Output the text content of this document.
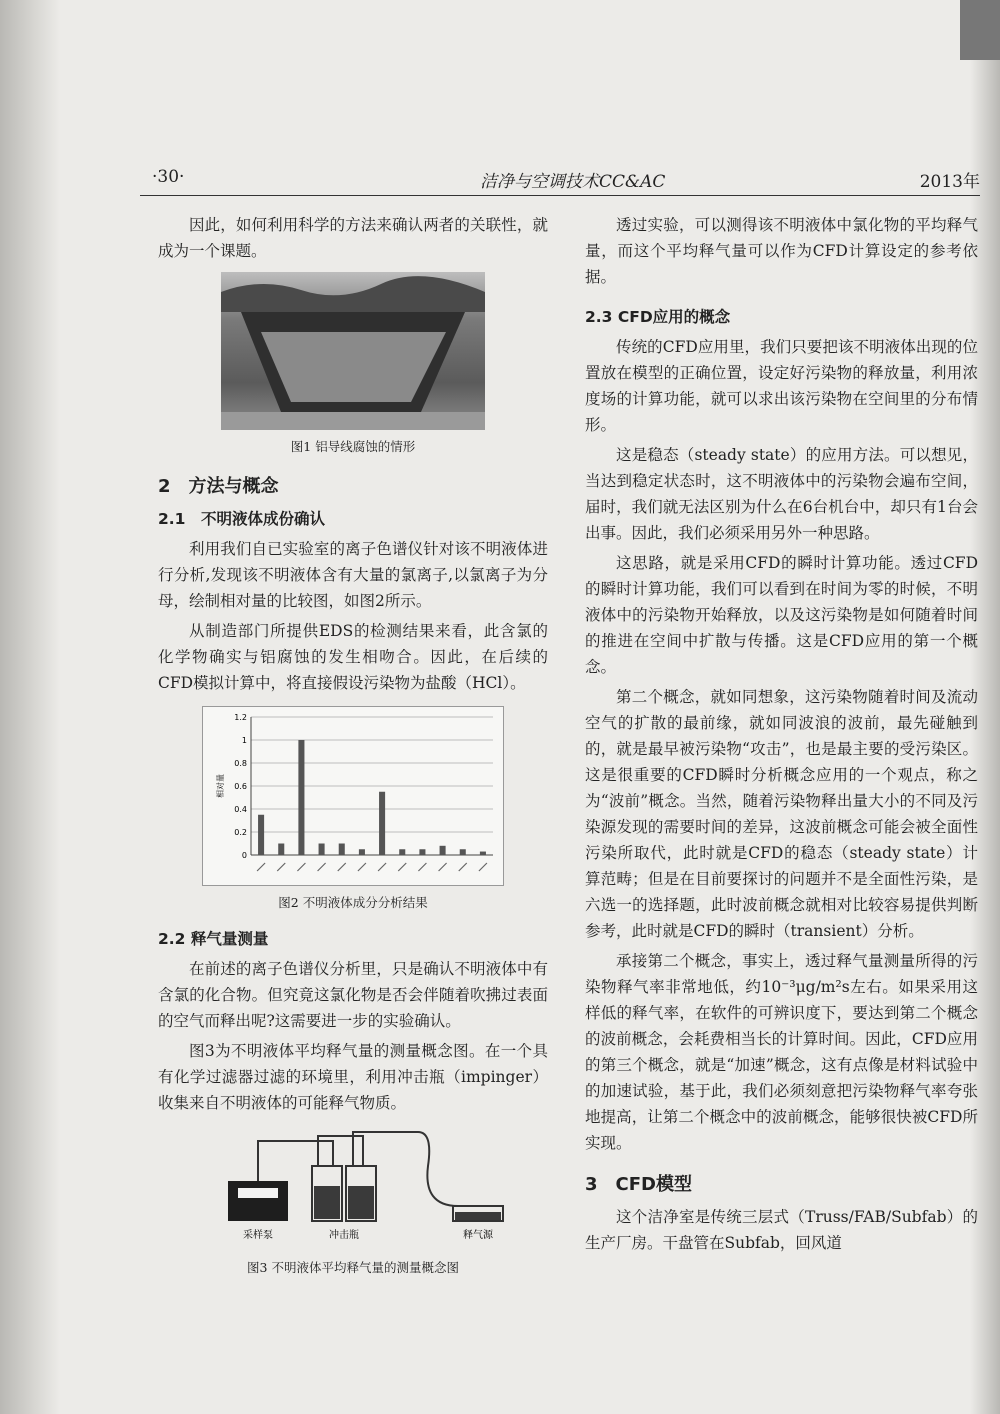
·30·	洁净与空调技术CC&AC	2013年

因此，如何利用科学的方法来确认两者的关联性，就成为一个课题。

图1 铝导线腐蚀的情形
2　方法与概念
2.1　不明液体成份确认

利用我们自已实验室的离子色谱仪针对该不明液体进行分析,发现该不明液体含有大量的氯离子,以氯离子为分母，绘制相对量的比较图，如图2所示。

从制造部门所提供EDS的检测结果来看，此含氯的化学物确实与铝腐蚀的发生相吻合。因此，在后续的CFD模拟计算中，将直接假设污染物为盐酸（HCl）。

0
0.2
0.4
0.6
0.8
1
1.2
相对量
图2 不明液体成分分析结果
2.2 释气量测量

在前述的离子色谱仪分析里，只是确认不明液体中有含氯的化合物。但究竟这氯化物是否会伴随着吹拂过表面的空气而释出呢?这需要进一步的实验确认。

图3为不明液体平均释气量的测量概念图。在一个具有化学过滤器过滤的环境里，利用冲击瓶（impinger）收集来自不明液体的可能释气物质。

采样泵	冲击瓶	释气源
图3 不明液体平均释气量的测量概念图

透过实验，可以测得该不明液体中氯化物的平均释气量，而这个平均释气量可以作为CFD计算设定的参考依据。

2.3 CFD应用的概念

传统的CFD应用里，我们只要把该不明液体出现的位置放在模型的正确位置，设定好污染物的释放量，利用浓度场的计算功能，就可以求出该污染物在空间里的分布情形。

这是稳态（steady state）的应用方法。可以想见，当达到稳定状态时，这不明液体中的污染物会遍布空间，届时，我们就无法区别为什么在6台机台中，却只有1台会出事。因此，我们必须采用另外一种思路。

这思路，就是采用CFD的瞬时计算功能。透过CFD的瞬时计算功能，我们可以看到在时间为零的时候，不明液体中的污染物开始释放，以及这污染物是如何随着时间的推进在空间中扩散与传播。这是CFD应用的第一个概念。

第二个概念，就如同想象，这污染物随着时间及流动空气的扩散的最前缘，就如同波浪的波前，最先碰触到的，就是最早被污染物“攻击”，也是最主要的受污染区。这是很重要的CFD瞬时分析概念应用的一个观点，称之为“波前”概念。当然，随着污染物释出量大小的不同及污染源发现的需要时间的差异，这波前概念可能会被全面性污染所取代，此时就是CFD的稳态（steady state）计算范畴；但是在目前要探讨的问题并不是全面性污染，是六选一的选择题，此时波前概念就相对比较容易提供判断参考，此时就是CFD的瞬时（transient）分析。

承接第二个概念，事实上，透过释气量测量所得的污染物释气率非常地低，约10⁻³μg/m²s左右。如果采用这样低的释气率，在软件的可辨识度下，要达到第二个概念的波前概念，会耗费相当长的计算时间。因此，CFD应用的第三个概念，就是“加速”概念，这有点像是材料试验中的加速试验，基于此，我们必须刻意把污染物释气率夸张地提高，让第二个概念中的波前概念，能够很快被CFD所实现。

3　CFD模型

这个洁净室是传统三层式（Truss/FAB/Subfab）的生产厂房。干盘管在Subfab，回风道
